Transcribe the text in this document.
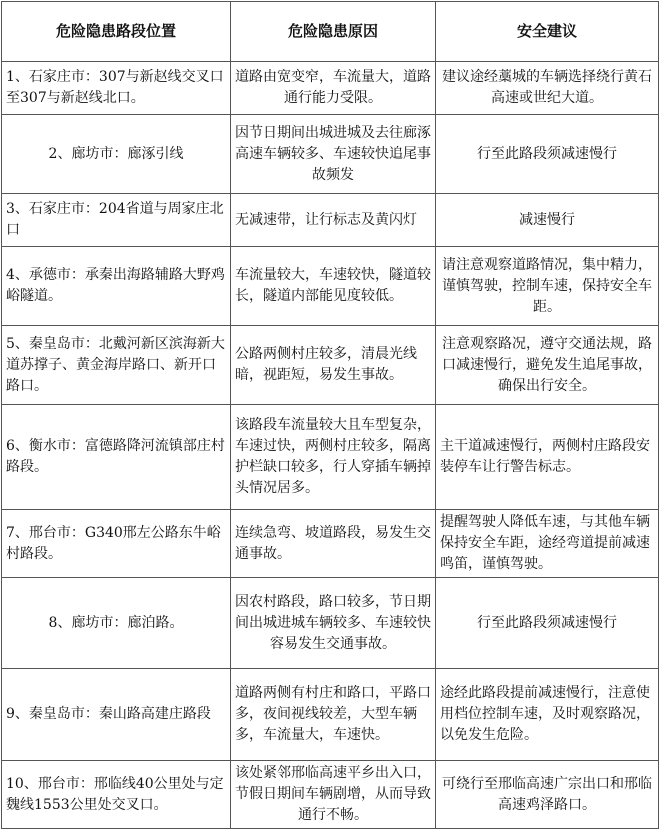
危险隐患路段位置	危险隐患原因	安全建议
1、石家庄市：307与新赵线交叉口至307与新赵线北口。	道路由宽变窄，车流量大，道路通行能力受限。	建议途经藁城的车辆选择绕行黄石高速或世纪大道。
2、廊坊市：廊涿引线	因节日期间出城进城及去往廊涿高速车辆较多、车速较快追尾事故频发	行至此路段须减速慢行
3、石家庄市：204省道与周家庄北口	无减速带，让行标志及黄闪灯	减速慢行
4、承德市：承秦出海路辅路大野鸡峪隧道。	车流量较大，车速较快，隧道较长，隧道内部能见度较低。	请注意观察道路情况，集中精力，谨慎驾驶，控制车速，保持安全车距。
5、秦皇岛市：北戴河新区滨海新大道苏撑子、黄金海岸路口、新开口路口。	公路两侧村庄较多，清晨光线暗，视距短，易发生事故。	注意观察路况，遵守交通法规，路口减速慢行，避免发生追尾事故，确保出行安全。
6、衡水市：富德路降河流镇部庄村路段。	该路段车流量较大且车型复杂，车速过快，两侧村庄较多，隔离护栏缺口较多，行人穿插车辆掉头情况居多。	主干道减速慢行，两侧村庄路段安装停车让行警告标志。
7、邢台市：G340邢左公路东牛峪村路段。	连续急弯、坡道路段，易发生交通事故。	提醒驾驶人降低车速，与其他车辆保持安全车距，途经弯道提前减速鸣笛，谨慎驾驶。
8、廊坊市：廊泊路。	因农村路段，路口较多，节日期间出城进城车辆较多、车速较快容易发生交通事故。	行至此路段须减速慢行
9、秦皇岛市：秦山路高建庄路段	道路两侧有村庄和路口，平路口多，夜间视线较差，大型车辆多，车流量大，车速快。	途经此路段提前减速慢行，注意使用档位控制车速，及时观察路况，以免发生危险。
10、邢台市：邢临线40公里处与定魏线1553公里处交叉口。	该处紧邻邢临高速平乡出入口，节假日期间车辆剧增，从而导致通行不畅。	可绕行至邢临高速广宗出口和邢临高速鸡泽路口。
